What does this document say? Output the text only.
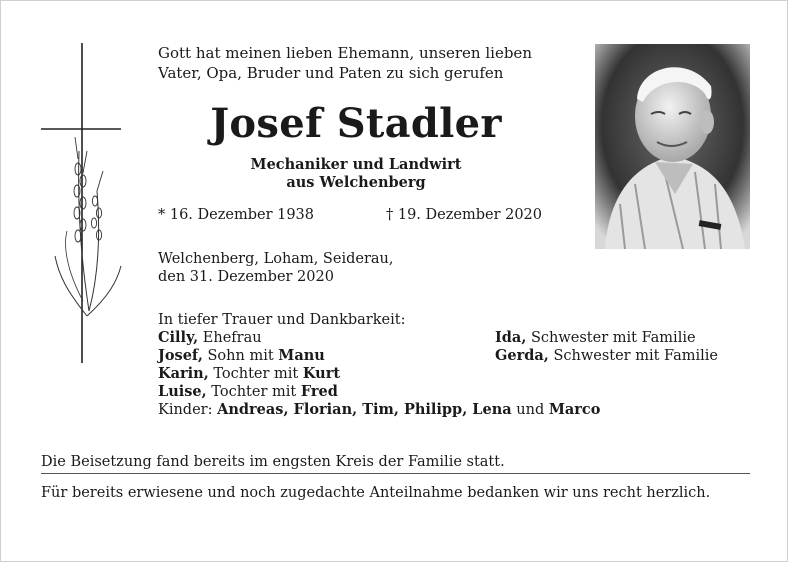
Gott hat meinen lieben Ehemann, unseren lieben
Vater, Opa, Bruder und Paten zu sich gerufen
Josef Stadler
Mechaniker und Landwirt
aus Welchenberg
* 16. Dezember 1938	† 19. Dezember 2020
Welchenberg, Loham, Seiderau,
den 31. Dezember 2020
In tiefer Trauer und Dankbarkeit:
Cilly, Ehefrau
Josef, Sohn mit Manu
Karin, Tochter mit Kurt
Luise, Tochter mit Fred
Kinder: Andreas, Florian, Tim, Philipp, Lena und Marco
Ida, Schwester mit Familie
Gerda, Schwester mit Familie
Die Beisetzung fand bereits im engsten Kreis der Familie statt.
Für bereits erwiesene und noch zugedachte Anteilnahme bedanken wir uns recht herzlich.
